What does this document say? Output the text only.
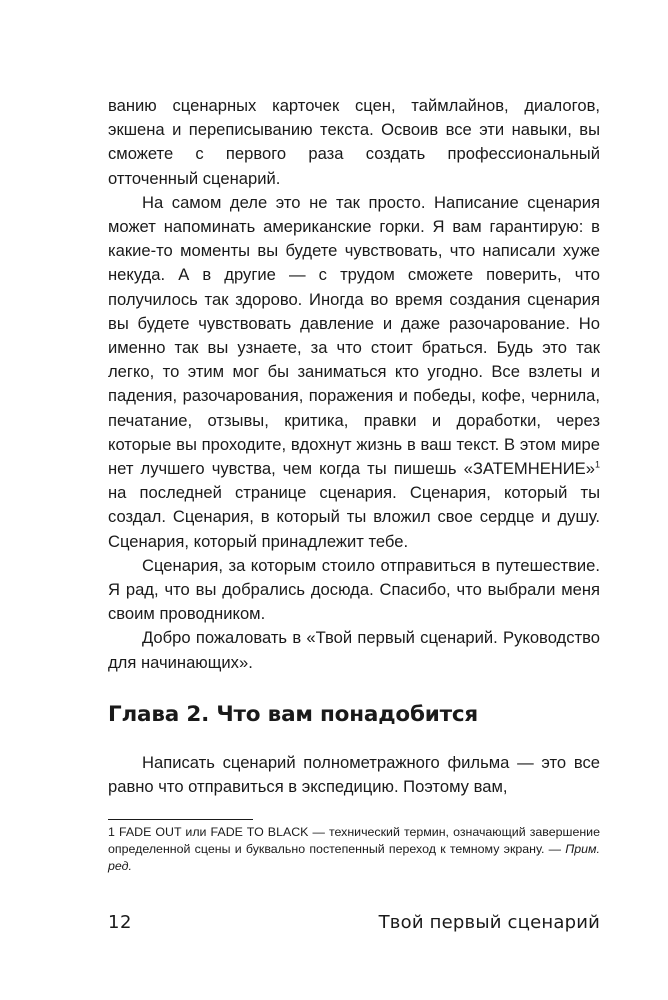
ванию сценарных карточек сцен, таймлайнов, диалогов, экшена и переписыванию текста. Освоив все эти навыки, вы сможете с первого раза создать профессиональный отточенный сценарий.

На самом деле это не так просто. Написание сценария может напоминать американские горки. Я вам гарантирую: в какие-то моменты вы будете чувствовать, что написали хуже некуда. А в другие — с трудом сможете поверить, что получилось так здорово. Иногда во время создания сценария вы будете чувствовать давление и даже разочарование. Но именно так вы узнаете, за что стоит браться. Будь это так легко, то этим мог бы заниматься кто угодно. Все взлеты и падения, разочарования, поражения и победы, кофе, чернила, печатание, отзывы, критика, правки и доработки, через которые вы проходите, вдохнут жизнь в ваш текст. В этом мире нет лучшего чувства, чем когда ты пишешь «ЗАТЕМНЕНИЕ»$^1$ на последней странице сценария. Сценария, который ты создал. Сценария, в который ты вложил свое сердце и душу. Сценария, который принадлежит тебе.

Сценария, за которым стоило отправиться в путешествие. Я рад, что вы добрались досюда. Спасибо, что выбрали меня своим проводником.

Добро пожаловать в «Твой первый сценарий. Руководство для начинающих».

Глава 2. Что вам понадобится

Написать сценарий полнометражного фильма — это все равно что отправиться в экспедицию. Поэтому вам,

1 FADE OUT или FADE TO BLACK — технический термин, означающий завершение определенной сцены и буквально постепенный переход к темному экрану. — Прим. ред.

12	Твой первый сценарий
